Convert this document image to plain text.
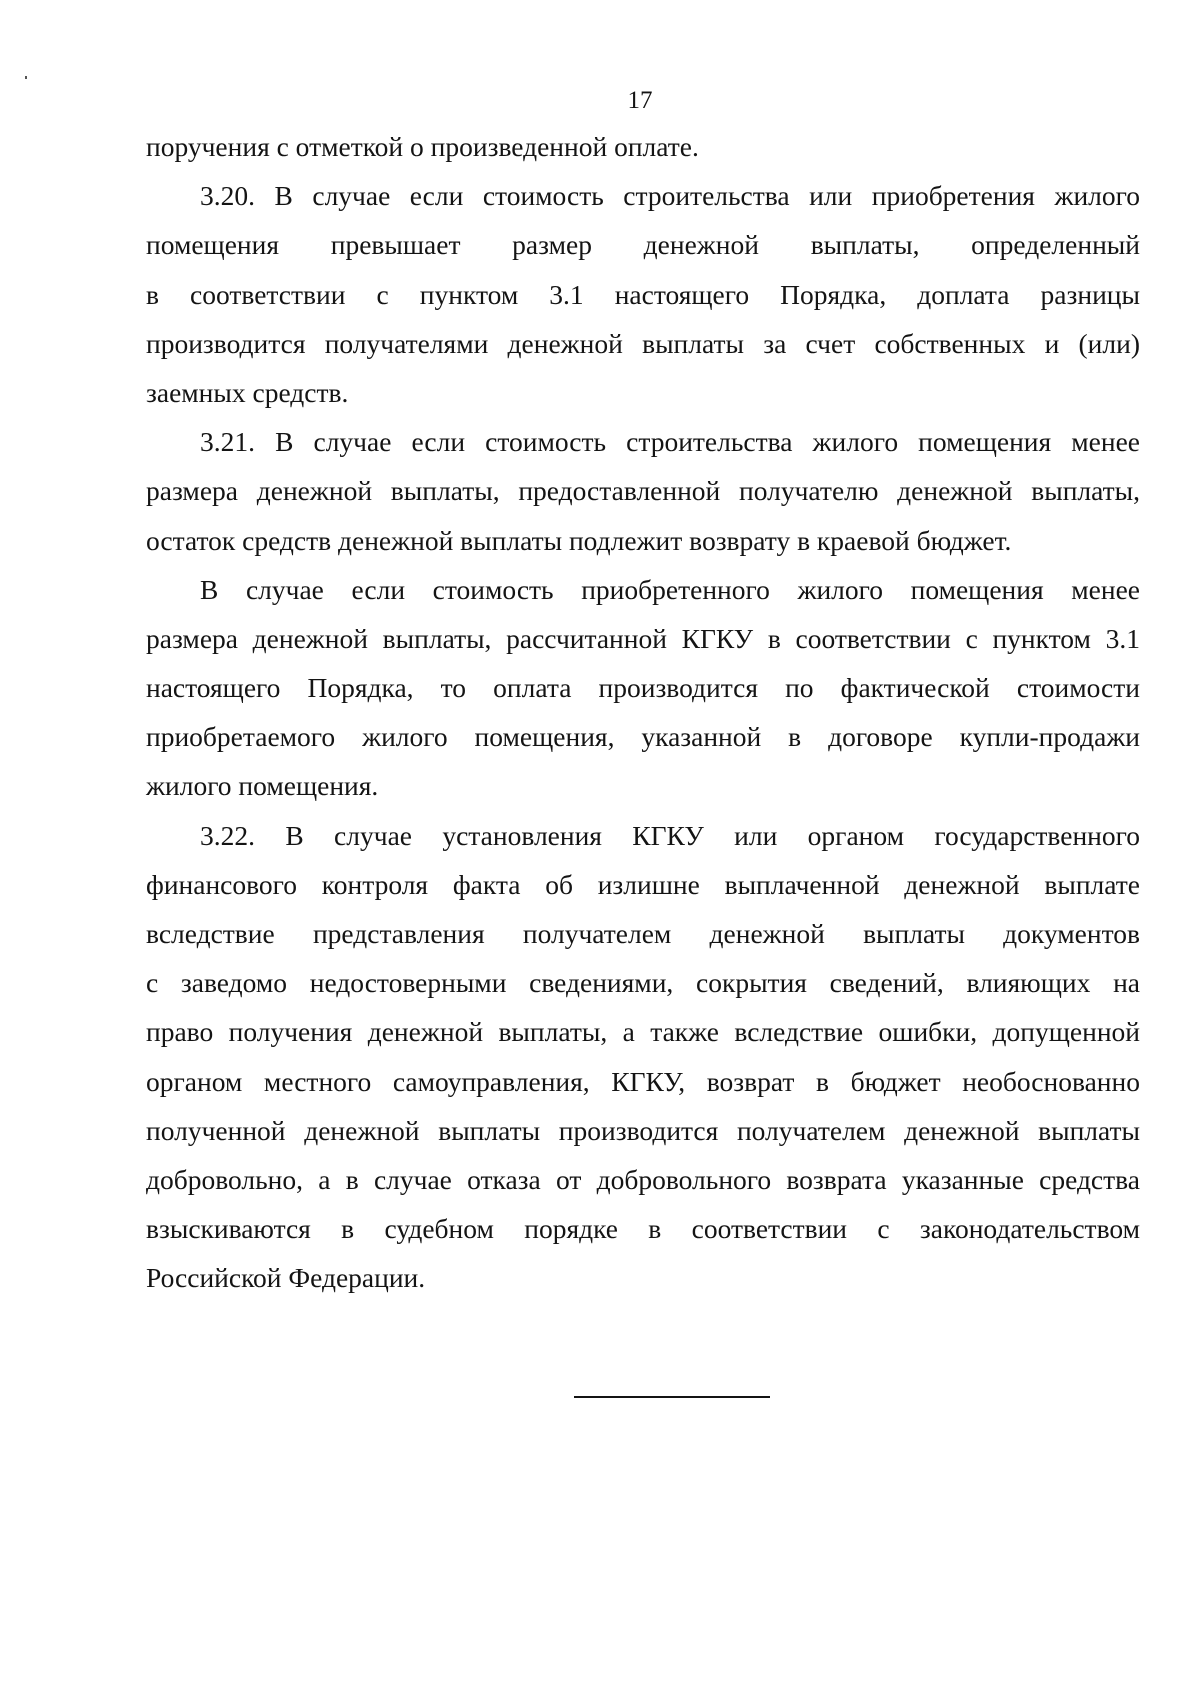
17
поручения с отметкой о произведенной оплате.
3.20. В случае если стоимость строительства или приобретения жилого
помещения превышает размер денежной выплаты, определенный
в соответствии с пунктом 3.1 настоящего Порядка, доплата разницы
производится получателями денежной выплаты за счет собственных и (или)
заемных средств.
3.21. В случае если стоимость строительства жилого помещения менее
размера денежной выплаты, предоставленной получателю денежной выплаты,
остаток средств денежной выплаты подлежит возврату в краевой бюджет.
В случае если стоимость приобретенного жилого помещения менее
размера денежной выплаты, рассчитанной КГКУ в соответствии с пунктом 3.1
настоящего Порядка, то оплата производится по фактической стоимости
приобретаемого жилого помещения, указанной в договоре купли-продажи
жилого помещения.
3.22. В случае установления КГКУ или органом государственного
финансового контроля факта об излишне выплаченной денежной выплате
вследствие представления получателем денежной выплаты документов
с заведомо недостоверными сведениями, сокрытия сведений, влияющих на
право получения денежной выплаты, а также вследствие ошибки, допущенной
органом местного самоуправления, КГКУ, возврат в бюджет необоснованно
полученной денежной выплаты производится получателем денежной выплаты
добровольно, а в случае отказа от добровольного возврата указанные средства
взыскиваются в судебном порядке в соответствии с законодательством
Российской Федерации.
